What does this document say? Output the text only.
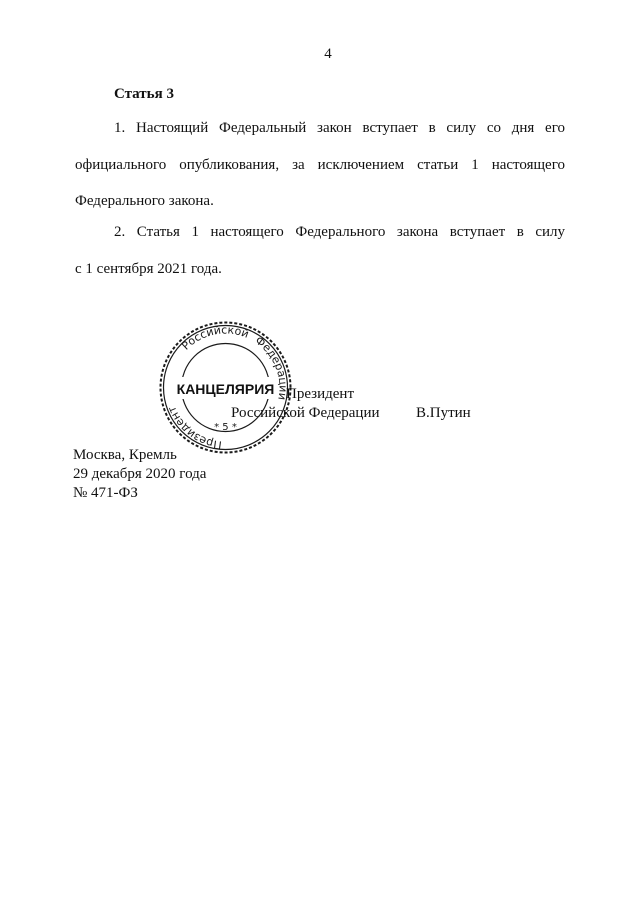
4
Статья 3
1. Настоящий Федеральный закон вступает в силу со дня его
официального опубликования, за исключением статьи 1 настоящего
Федерального закона.
2. Статья 1 настоящего Федерального закона вступает в силу
с 1 сентября 2021 года.
Российской
Федерации
Президент
КАНЦЕЛЯРИЯ
* 5 *
Президент
Российской Федерации В.Путин
Москва, Кремль
29 декабря 2020 года
№ 471-ФЗ
